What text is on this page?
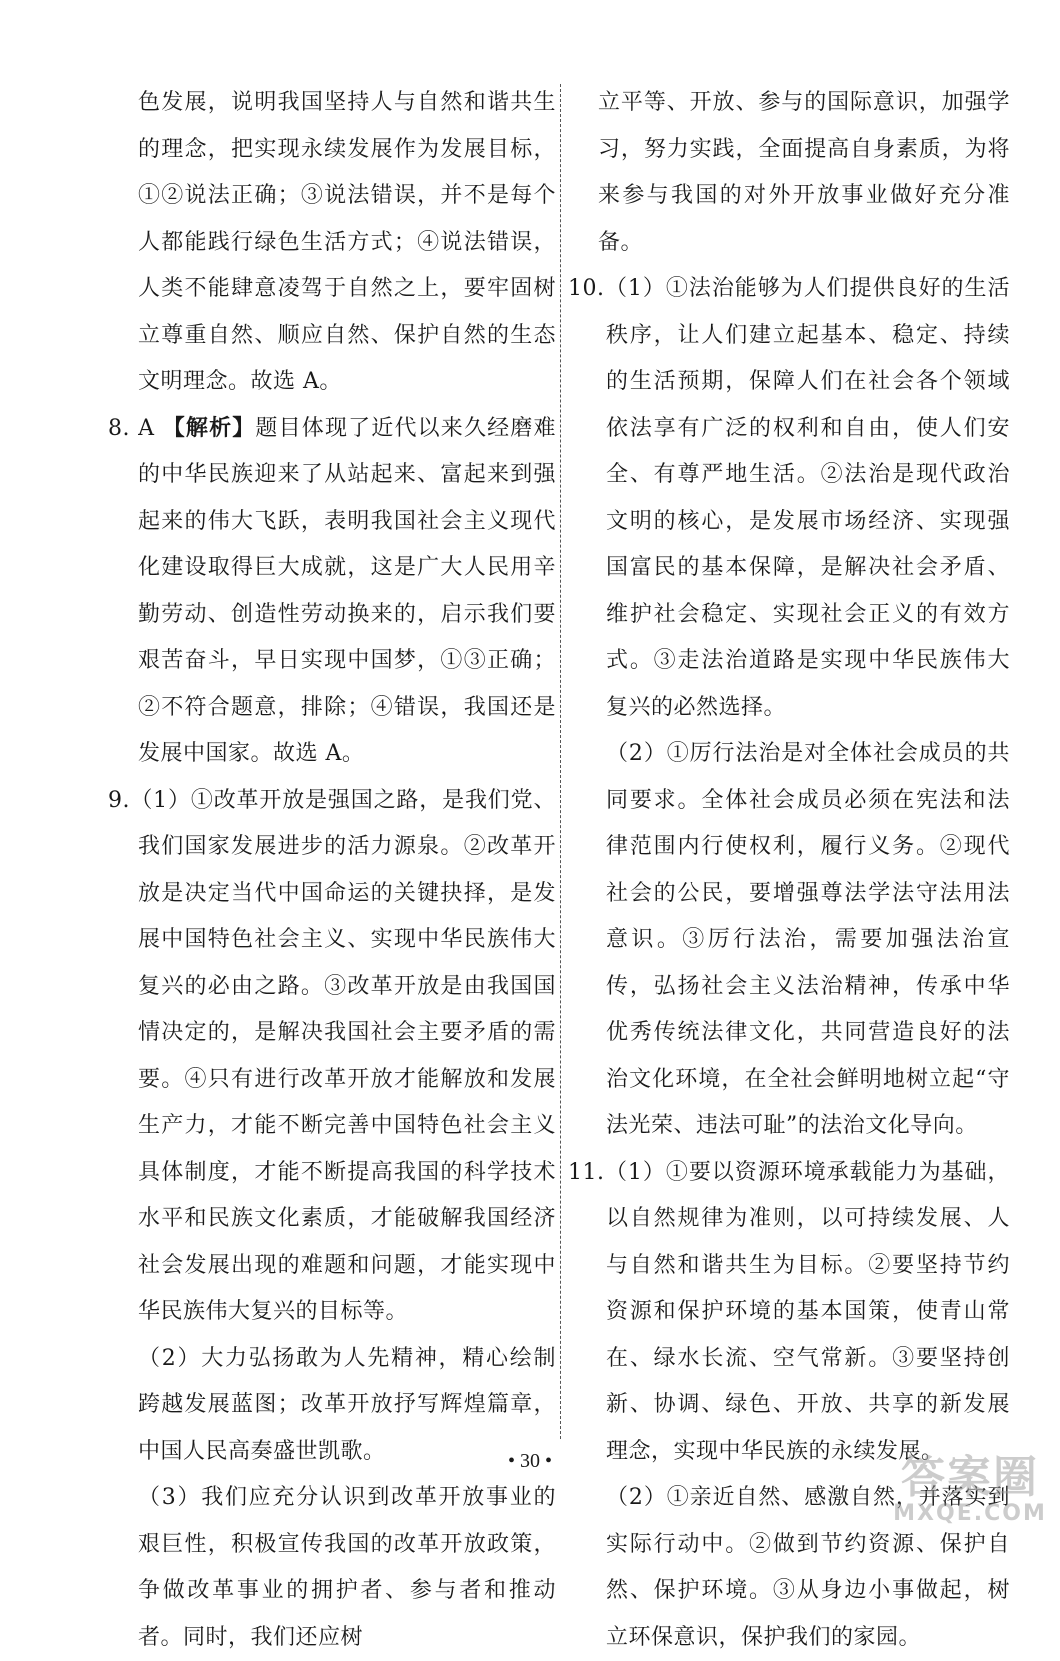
色发展，说明我国坚持人与自然和谐共生的理念，把实现永续发展作为发展目标，①②说法正确；③说法错误，并不是每个人都能践行绿色生活方式；④说法错误，人类不能肆意凌驾于自然之上，要牢固树立尊重自然、顺应自然、保护自然的生态文明理念。故选 A。

8. A 【解析】题目体现了近代以来久经磨难的中华民族迎来了从站起来、富起来到强起来的伟大飞跃，表明我国社会主义现代化建设取得巨大成就，这是广大人民用辛勤劳动、创造性劳动换来的，启示我们要艰苦奋斗，早日实现中国梦，①③正确；②不符合题意，排除；④错误，我国还是发展中国家。故选 A。

9.（1）①改革开放是强国之路，是我们党、我们国家发展进步的活力源泉。②改革开放是决定当代中国命运的关键抉择，是发展中国特色社会主义、实现中华民族伟大复兴的必由之路。③改革开放是由我国国情决定的，是解决我国社会主要矛盾的需要。④只有进行改革开放才能解放和发展生产力，才能不断完善中国特色社会主义具体制度，才能不断提高我国的科学技术水平和民族文化素质，才能破解我国经济社会发展出现的难题和问题，才能实现中华民族伟大复兴的目标等。

（2）大力弘扬敢为人先精神，精心绘制跨越发展蓝图；改革开放抒写辉煌篇章，中国人民高奏盛世凯歌。

（3）我们应充分认识到改革开放事业的艰巨性，积极宣传我国的改革开放政策，争做改革事业的拥护者、参与者和推动者。同时，我们还应树

立平等、开放、参与的国际意识，加强学习，努力实践，全面提高自身素质，为将来参与我国的对外开放事业做好充分准备。

10.（1）①法治能够为人们提供良好的生活秩序，让人们建立起基本、稳定、持续的生活预期，保障人们在社会各个领域依法享有广泛的权利和自由，使人们安全、有尊严地生活。②法治是现代政治文明的核心，是发展市场经济、实现强国富民的基本保障，是解决社会矛盾、维护社会稳定、实现社会正义的有效方式。③走法治道路是实现中华民族伟大复兴的必然选择。

（2）①厉行法治是对全体社会成员的共同要求。全体社会成员必须在宪法和法律范围内行使权利，履行义务。②现代社会的公民，要增强尊法学法守法用法意识。③厉行法治，需要加强法治宣传，弘扬社会主义法治精神，传承中华优秀传统法律文化，共同营造良好的法治文化环境，在全社会鲜明地树立起“守法光荣、违法可耻”的法治文化导向。

11.（1）①要以资源环境承载能力为基础，以自然规律为准则，以可持续发展、人与自然和谐共生为目标。②要坚持节约资源和保护环境的基本国策，使青山常在、绿水长流、空气常新。③要坚持创新、协调、绿色、开放、共享的新发展理念，实现中华民族的永续发展。

（2）①亲近自然、感激自然，并落实到实际行动中。②做到节约资源、保护自然、保护环境。③从身边小事做起，树立环保意识，保护我们的家园。

• 30 •	答案圈
MXQE.COM
